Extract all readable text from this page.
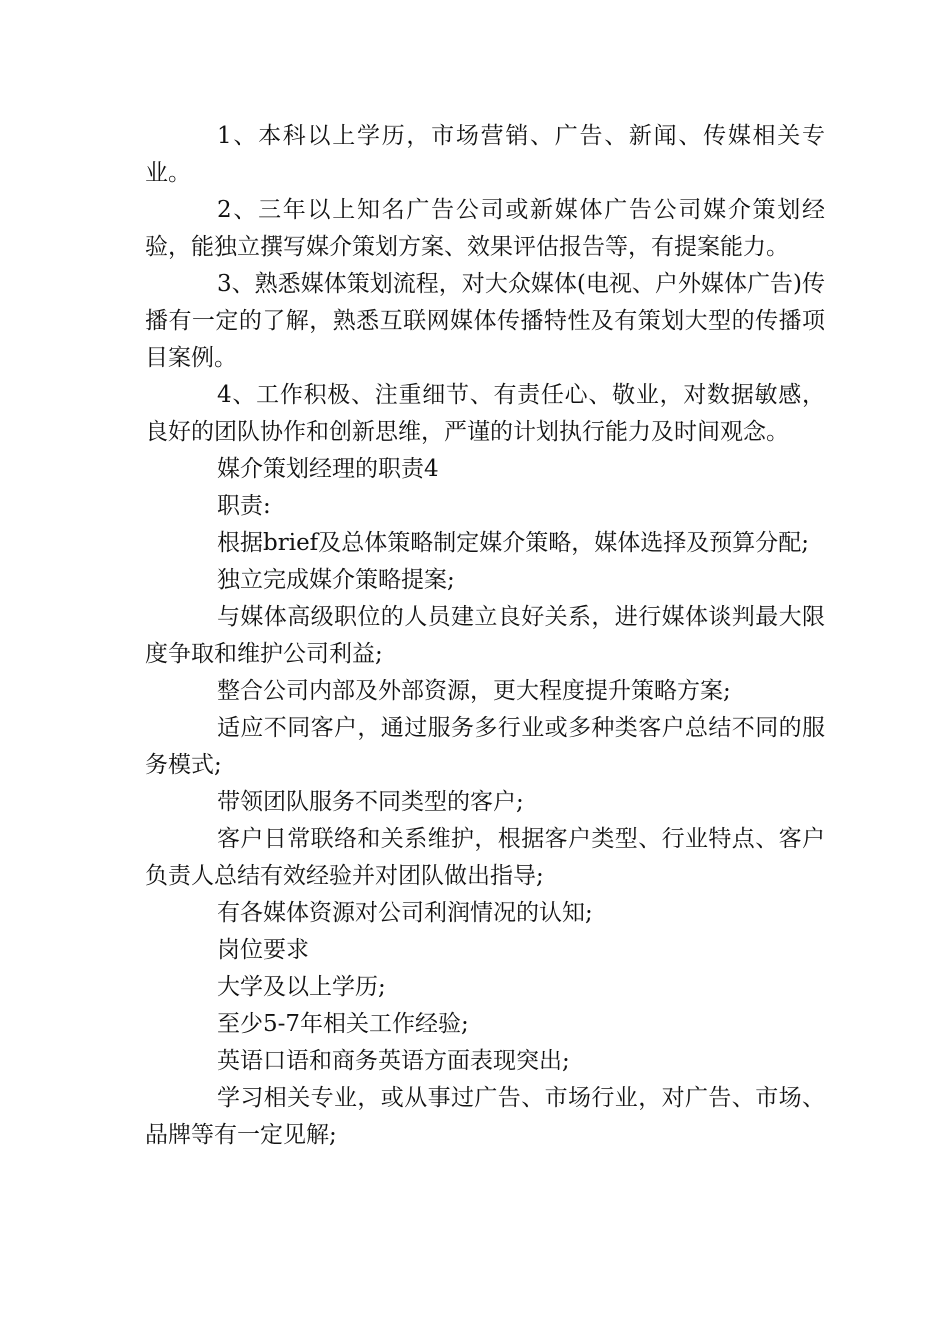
1、本科以上学历，市场营销、广告、新闻、传媒相关专业。

2、三年以上知名广告公司或新媒体广告公司媒介策划经验，能独立撰写媒介策划方案、效果评估报告等，有提案能力。

3、熟悉媒体策划流程，对大众媒体(电视、户外媒体广告)传播有一定的了解，熟悉互联网媒体传播特性及有策划大型的传播项目案例。

4、工作积极、注重细节、有责任心、敬业，对数据敏感，良好的团队协作和创新思维，严谨的计划执行能力及时间观念。

媒介策划经理的职责4

职责:

根据brief及总体策略制定媒介策略，媒体选择及预算分配;

独立完成媒介策略提案;

与媒体高级职位的人员建立良好关系，进行媒体谈判最大限度争取和维护公司利益;

整合公司内部及外部资源，更大程度提升策略方案;

适应不同客户，通过服务多行业或多种类客户总结不同的服务模式;

带领团队服务不同类型的客户;

客户日常联络和关系维护，根据客户类型、行业特点、客户负责人总结有效经验并对团队做出指导;

有各媒体资源对公司利润情况的认知;

岗位要求

大学及以上学历;

至少5-7年相关工作经验;

英语口语和商务英语方面表现突出;

学习相关专业，或从事过广告、市场行业，对广告、市场、品牌等有一定见解;
